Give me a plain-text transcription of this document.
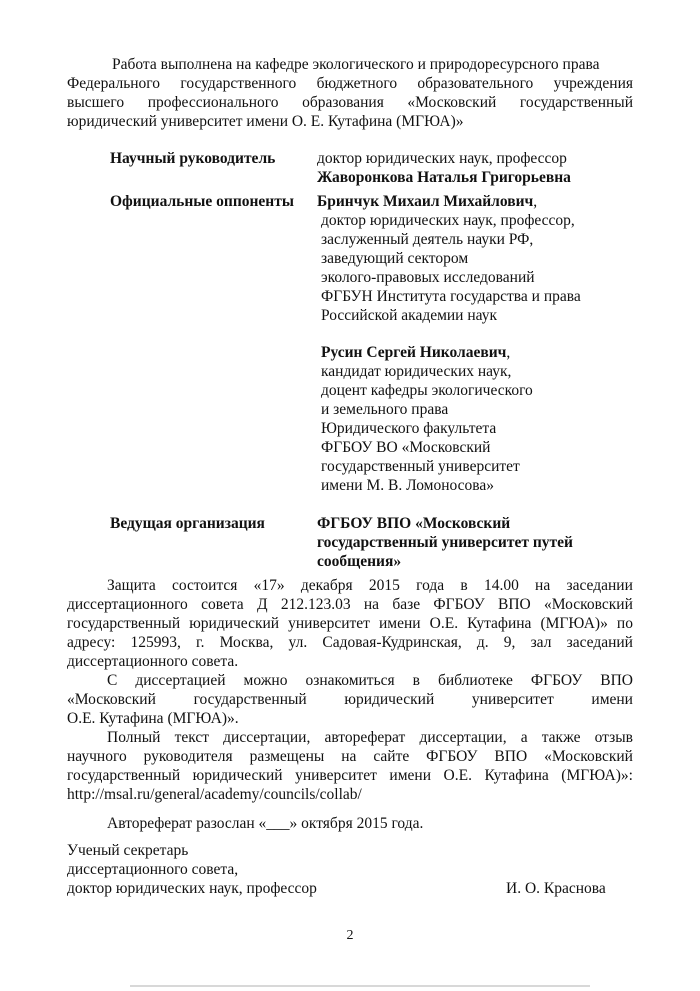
Работа выполнена на кафедре экологического и природоресурсного права
Федерального государственного бюджетного образовательного учреждения
высшего профессионального образования «Московский государственный
юридический университет имени О. Е. Кутафина (МГЮА)»
Научный руководитель	доктор юридических наук, профессор
Жаворонкова Наталья Григорьевна
Официальные оппоненты Бринчук Михаил Михайлович,
доктор юридических наук, профессор,
заслуженный деятель науки РФ,
заведующий сектором
эколого-правовых исследований
ФГБУН Института государства и права
Российской академии наук
Русин Сергей Николаевич,
кандидат юридических наук,
доцент кафедры экологического
и земельного права
Юридического факультета
ФГБОУ ВО «Московский
государственный университет
имени М. В. Ломоносова»
Ведущая организация	ФГБОУ ВПО «Московский
государственный университет путей
сообщения»
Защита состоится «17» декабря 2015 года в 14.00 на заседании
диссертационного совета Д 212.123.03 на базе ФГБОУ ВПО «Московский
государственный юридический университет имени О.Е. Кутафина (МГЮА)» по
адресу: 125993, г. Москва, ул. Садовая-Кудринская, д. 9, зал заседаний
диссертационного совета.
С диссертацией можно ознакомиться в библиотеке ФГБОУ ВПО
«Московский государственный юридический университет имени
О.Е. Кутафина (МГЮА)».
Полный текст диссертации, автореферат диссертации, а также отзыв
научного руководителя размещены на сайте ФГБОУ ВПО «Московский
государственный юридический университет имени О.Е. Кутафина (МГЮА)»:
http://msal.ru/general/academy/councils/collab/
Автореферат разослан «___» октября 2015 года.
Ученый секретарь
диссертационного совета,
доктор юридических наук, профессор	И. О. Краснова
2
